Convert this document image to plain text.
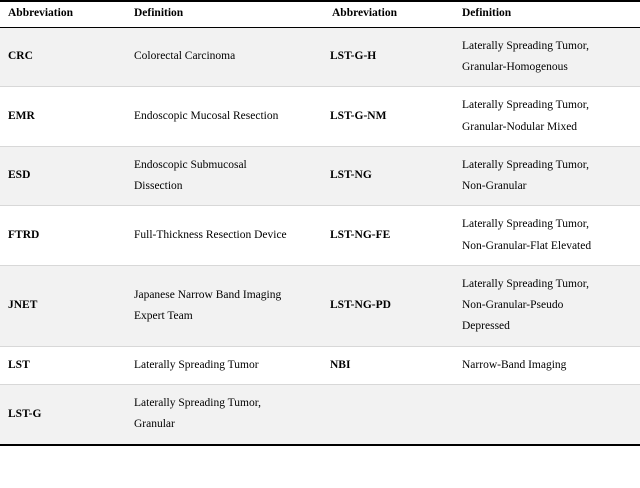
Abbreviation	Definition	Abbreviation	Definition
CRC	Colorectal Carcinoma	LST-G-H	Laterally Spreading Tumor,
Granular-Homogenous

EMR	Endoscopic Mucosal Resection	LST-G-NM	Laterally Spreading Tumor,
Granular-Nodular Mixed

ESD	Endoscopic Submucosal
Dissection	LST-NG	Laterally Spreading Tumor,
Non-Granular

FTRD	Full-Thickness Resection Device	LST-NG-FE	Laterally Spreading Tumor,
Non-Granular-Flat Elevated

JNET	Japanese Narrow Band Imaging
Expert Team	LST-NG-PD	Laterally Spreading Tumor,
Non-Granular-Pseudo
Depressed

LST	Laterally Spreading Tumor	NBI	Narrow-Band Imaging

LST-G	Laterally Spreading Tumor,
Granular		
